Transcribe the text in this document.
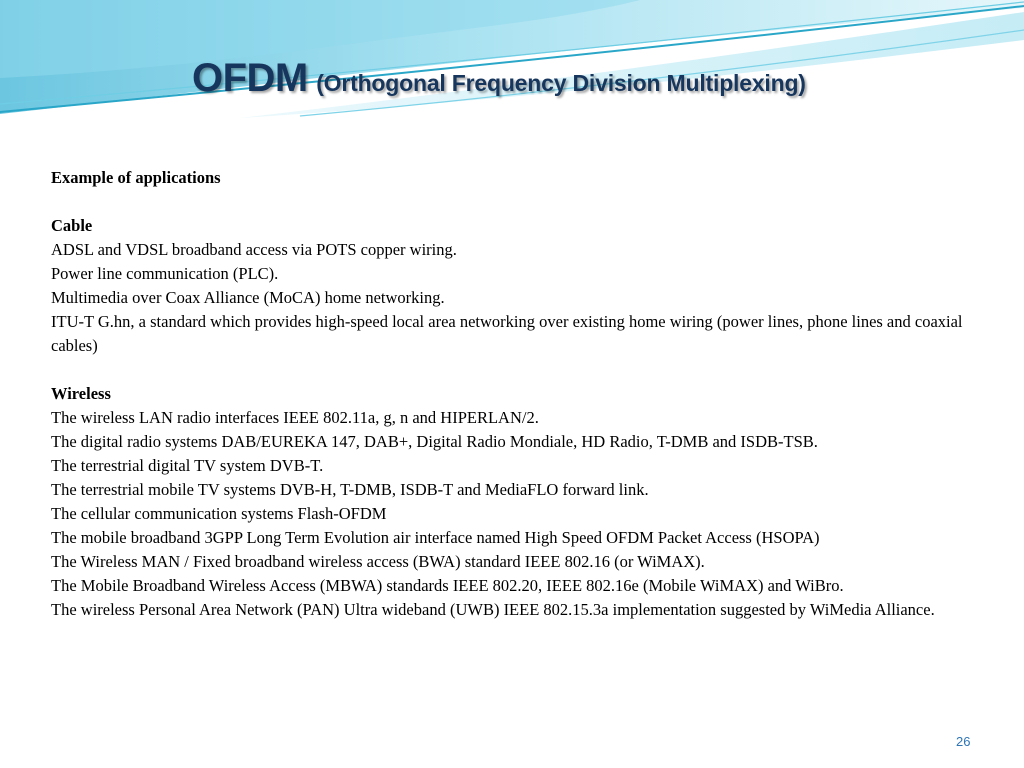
OFDM (Orthogonal Frequency Division Multiplexing)

Example of applications

Cable

ADSL and VDSL broadband access via POTS copper wiring.

Power line communication (PLC).

Multimedia over Coax Alliance (MoCA) home networking.

ITU-T G.hn, a standard which provides high-speed local area networking over existing home wiring (power lines, phone lines and coaxial cables)

Wireless

The wireless LAN radio interfaces IEEE 802.11a, g, n and HIPERLAN/2.

The digital radio systems DAB/EUREKA 147, DAB+, Digital Radio Mondiale, HD Radio, T-DMB and ISDB-TSB.

The terrestrial digital TV system DVB-T.

The terrestrial mobile TV systems DVB-H, T-DMB, ISDB-T and MediaFLO forward link.

The cellular communication systems Flash-OFDM

The mobile broadband 3GPP Long Term Evolution air interface named High Speed OFDM Packet Access (HSOPA)

The Wireless MAN / Fixed broadband wireless access (BWA) standard IEEE 802.16 (or WiMAX).

The Mobile Broadband Wireless Access (MBWA) standards IEEE 802.20, IEEE 802.16e (Mobile WiMAX) and WiBro.

The wireless Personal Area Network (PAN) Ultra wideband (UWB) IEEE 802.15.3a implementation suggested by WiMedia Alliance.

26
